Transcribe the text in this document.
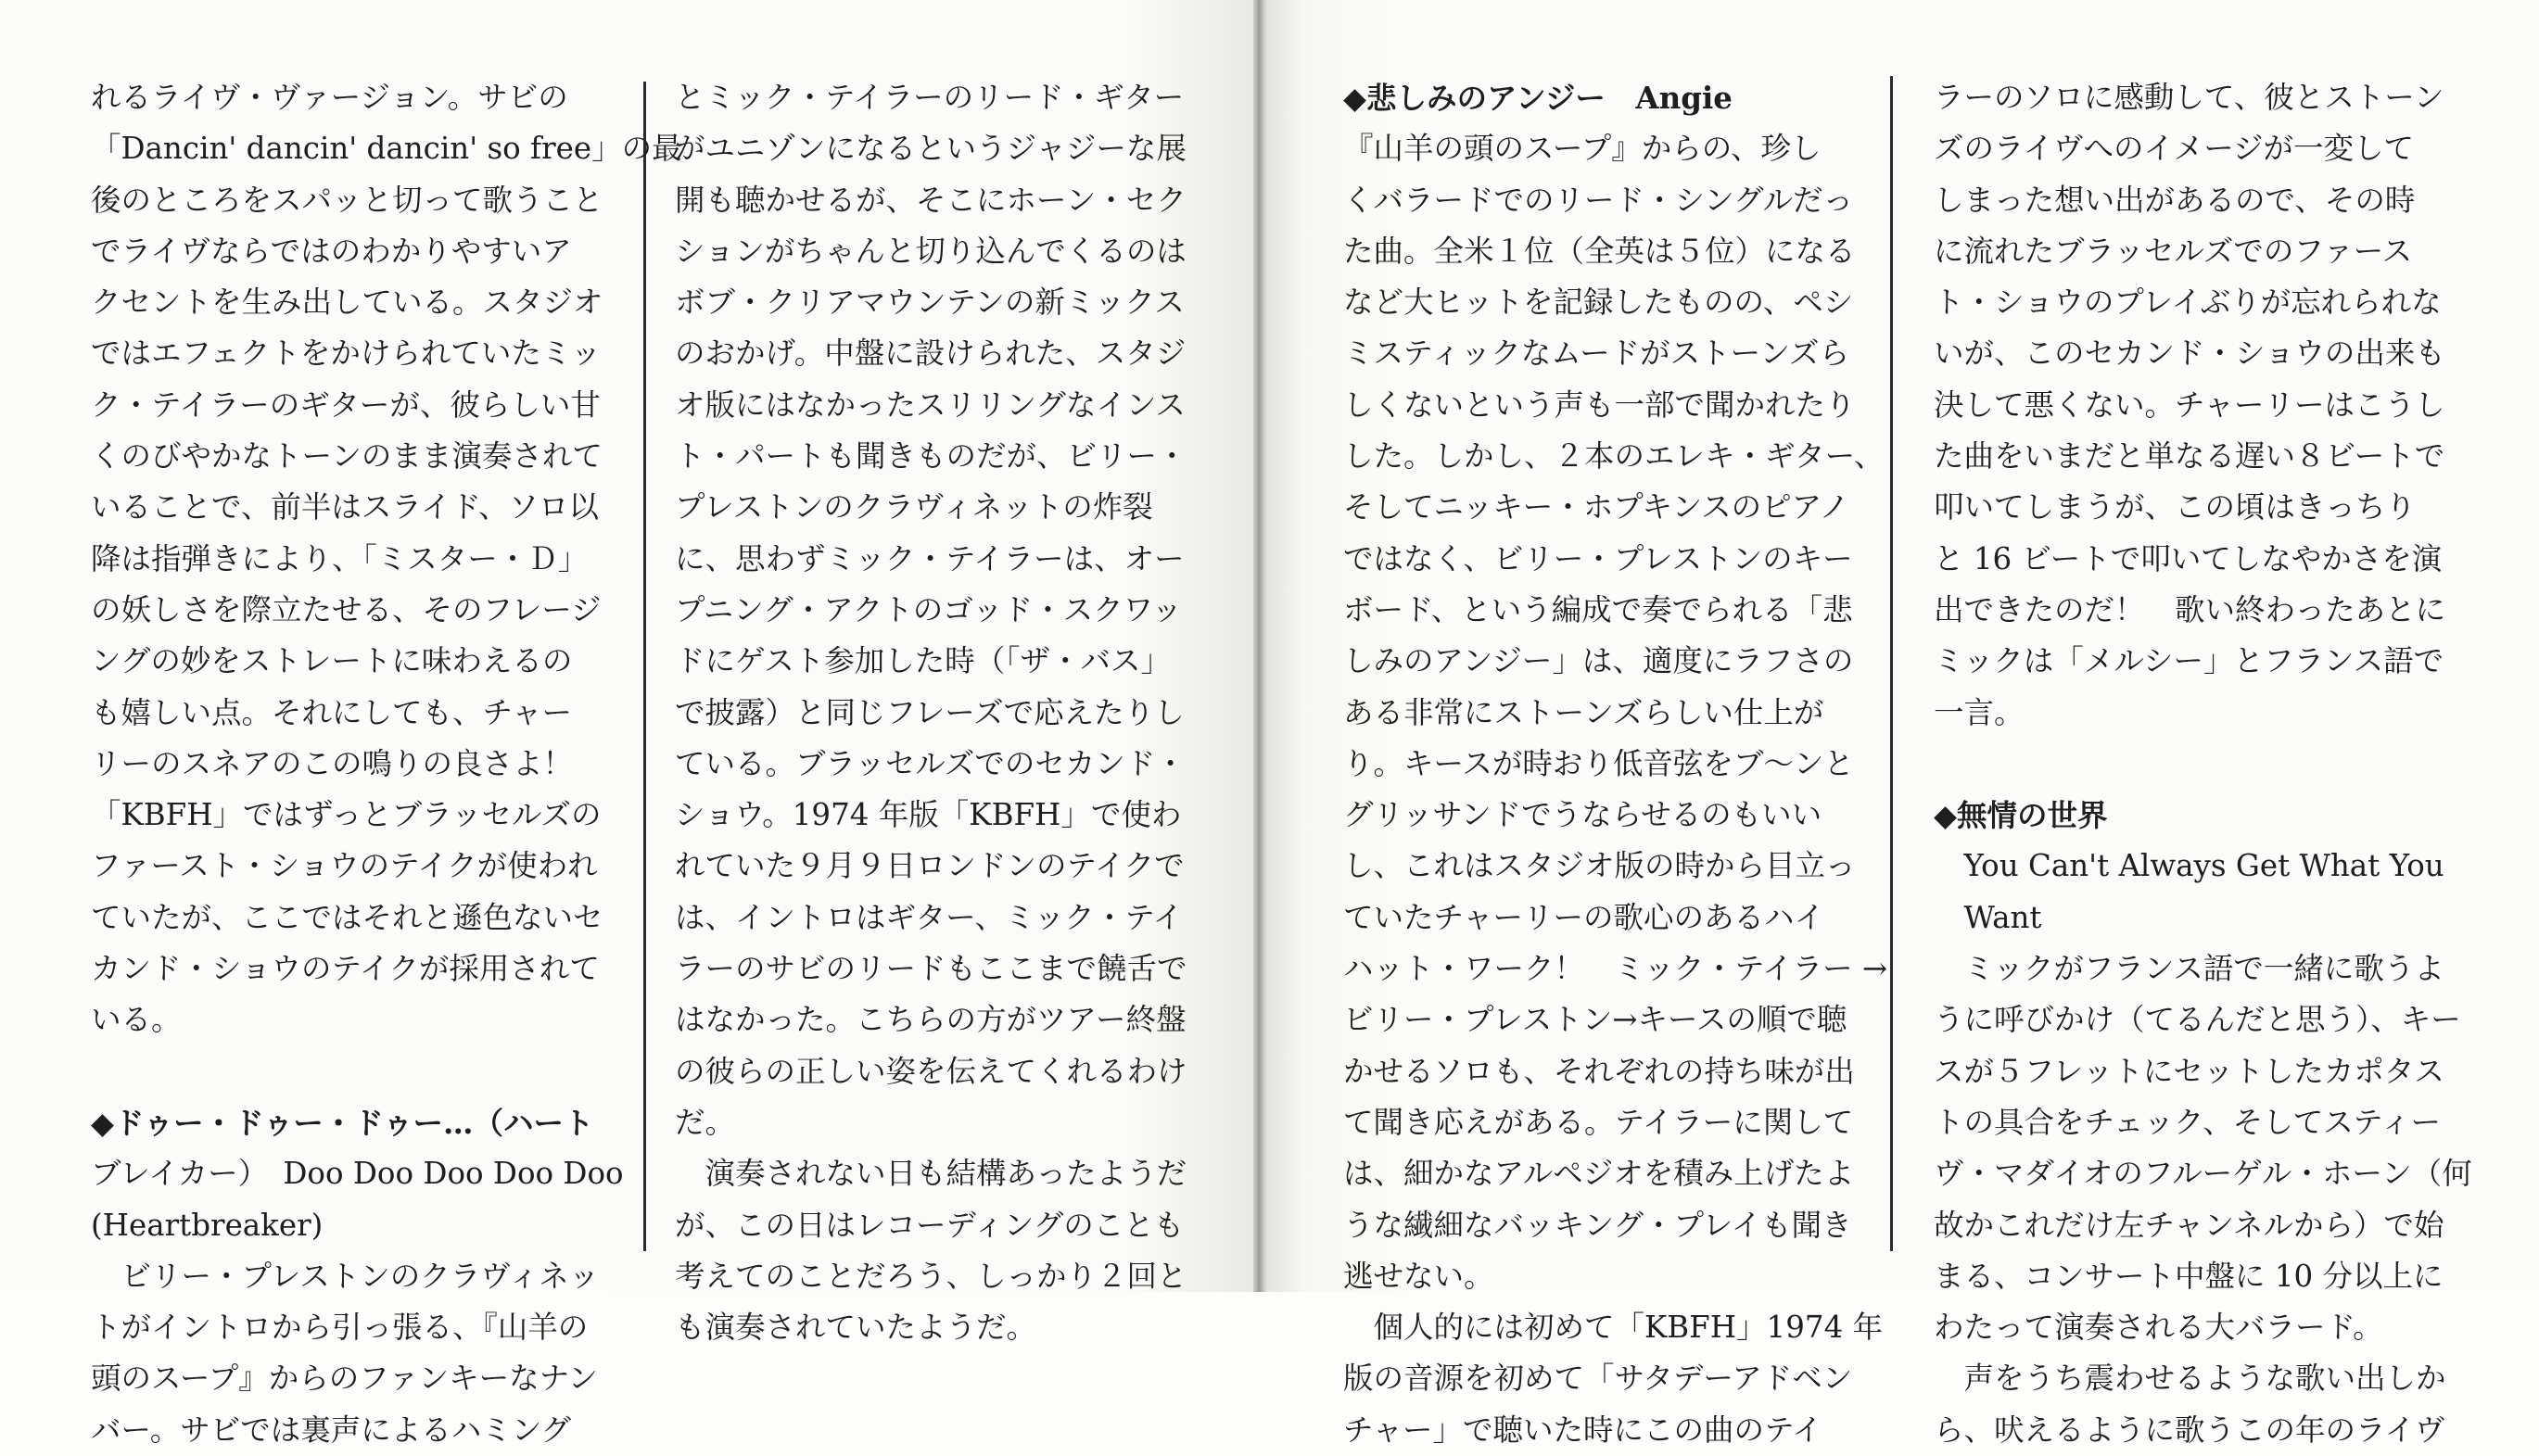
れるライヴ・ヴァージョン。サビの
「Dancin' dancin' dancin' so free」の最
後のところをスパッと切って歌うこと
でライヴならではのわかりやすいア
クセントを生み出している。スタジオ
ではエフェクトをかけられていたミッ
ク・テイラーのギターが、彼らしい甘
くのびやかなトーンのまま演奏されて
いることで、前半はスライド、ソロ以
降は指弾きにより、「ミスター・Ｄ」
の妖しさを際立たせる、そのフレージ
ングの妙をストレートに味わえるの
も嬉しい点。それにしても、チャー
リーのスネアのこの鳴りの良さよ！
「KBFH」ではずっとブラッセルズの
ファースト・ショウのテイクが使われ
ていたが、ここではそれと遜色ないセ
カンド・ショウのテイクが採用されて
いる。
◆ドゥー・ドゥー・ドゥー…（ハート
ブレイカー）　Doo Doo Doo Doo Doo
(Heartbreaker)
　ビリー・プレストンのクラヴィネッ
トがイントロから引っ張る、『山羊の
頭のスープ』からのファンキーなナン
バー。サビでは裏声によるハミング
とミック・テイラーのリード・ギター
がユニゾンになるというジャジーな展
開も聴かせるが、そこにホーン・セク
ションがちゃんと切り込んでくるのは
ボブ・クリアマウンテンの新ミックス
のおかげ。中盤に設けられた、スタジ
オ版にはなかったスリリングなインス
ト・パートも聞きものだが、ビリー・
プレストンのクラヴィネットの炸裂
に、思わずミック・テイラーは、オー
プニング・アクトのゴッド・スクワッ
ドにゲスト参加した時（「ザ・バス」
で披露）と同じフレーズで応えたりし
ている。ブラッセルズでのセカンド・
ショウ。1974 年版「KBFH」で使わ
れていた９月９日ロンドンのテイクで
は、イントロはギター、ミック・テイ
ラーのサビのリードもここまで饒舌で
はなかった。こちらの方がツアー終盤
の彼らの正しい姿を伝えてくれるわけ
だ。
　演奏されない日も結構あったようだ
が、この日はレコーディングのことも
考えてのことだろう、しっかり２回と
も演奏されていたようだ。
◆悲しみのアンジー　Angie
『山羊の頭のスープ』からの、珍し
くバラードでのリード・シングルだっ
た曲。全米１位（全英は５位）になる
など大ヒットを記録したものの、ペシ
ミスティックなムードがストーンズら
しくないという声も一部で聞かれたり
した。しかし、２本のエレキ・ギター、
そしてニッキー・ホプキンスのピアノ
ではなく、ビリー・プレストンのキー
ボード、という編成で奏でられる「悲
しみのアンジー」は、適度にラフさの
ある非常にストーンズらしい仕上が
り。キースが時おり低音弦をブ～ンと
グリッサンドでうならせるのもいい
し、これはスタジオ版の時から目立っ
ていたチャーリーの歌心のあるハイ
ハット・ワーク！　ミック・テイラー →
ビリー・プレストン→キースの順で聴
かせるソロも、それぞれの持ち味が出
て聞き応えがある。テイラーに関して
は、細かなアルペジオを積み上げたよ
うな繊細なバッキング・プレイも聞き
逃せない。
　個人的には初めて「KBFH」1974 年
版の音源を初めて「サタデーアドベン
チャー」で聴いた時にこの曲のテイ
ラーのソロに感動して、彼とストーン
ズのライヴへのイメージが一変して
しまった想い出があるので、その時
に流れたブラッセルズでのファース
ト・ショウのプレイぶりが忘れられな
いが、このセカンド・ショウの出来も
決して悪くない。チャーリーはこうし
た曲をいまだと単なる遅い８ビートで
叩いてしまうが、この頃はきっちり
と 16 ビートで叩いてしなやかさを演
出できたのだ！　歌い終わったあとに
ミックは「メルシー」とフランス語で
一言。
◆無情の世界
　You Can't Always Get What You
　Want
　ミックがフランス語で一緒に歌うよ
うに呼びかけ（てるんだと思う）、キー
スが５フレットにセットしたカポタス
トの具合をチェック、そしてスティー
ヴ・マダイオのフルーゲル・ホーン（何
故かこれだけ左チャンネルから）で始
まる、コンサート中盤に 10 分以上に
わたって演奏される大バラード。
　声をうち震わせるような歌い出しか
ら、吠えるように歌うこの年のライヴ
